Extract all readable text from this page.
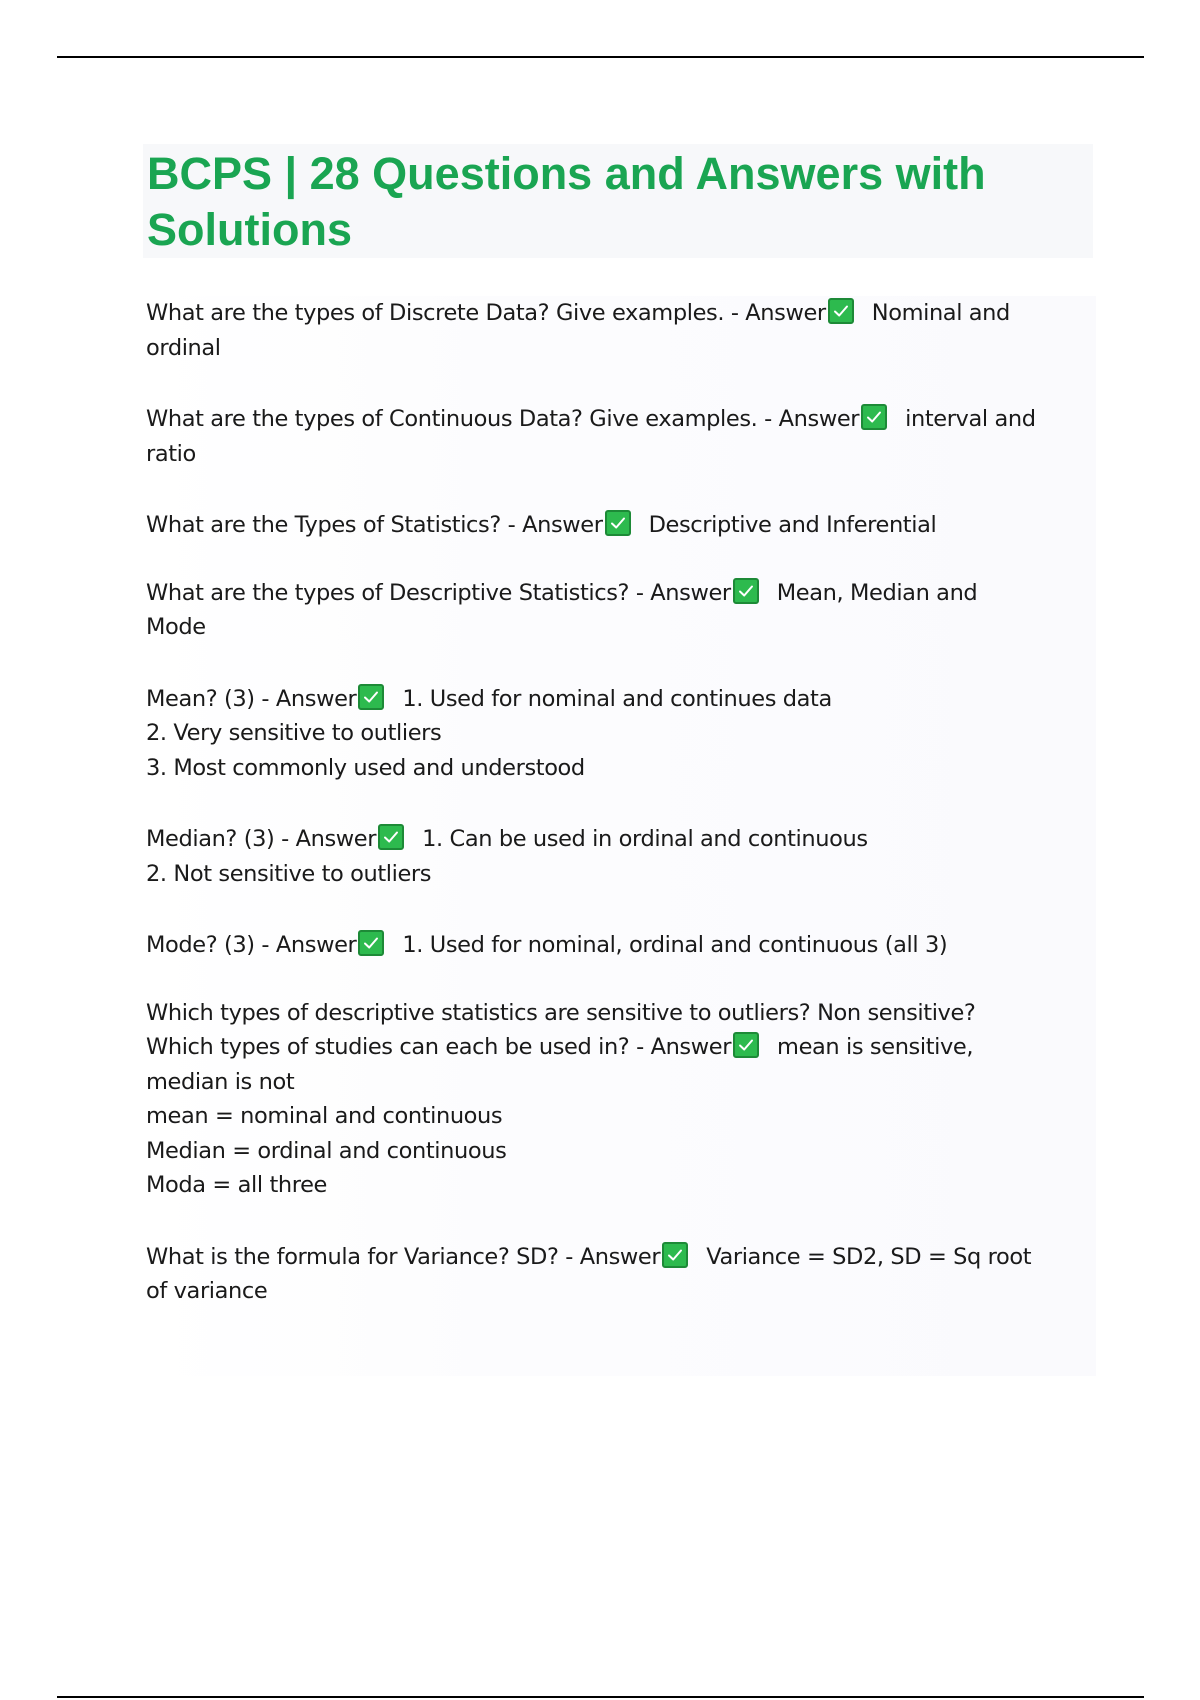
BCPS | 28 Questions and Answers with Solutions

What are the types of Discrete Data? Give examples. - Answer Nominal and
ordinal

What are the types of Continuous Data? Give examples. - Answer interval and
ratio

What are the Types of Statistics? - Answer Descriptive and Inferential

What are the types of Descriptive Statistics? - Answer Mean, Median and
Mode

Mean? (3) - Answer 1. Used for nominal and continues data
2. Very sensitive to outliers
3. Most commonly used and understood

Median? (3) - Answer 1. Can be used in ordinal and continuous
2. Not sensitive to outliers

Mode? (3) - Answer 1. Used for nominal, ordinal and continuous (all 3)

Which types of descriptive statistics are sensitive to outliers? Non sensitive?
Which types of studies can each be used in? - Answer mean is sensitive,
median is not
mean = nominal and continuous
Median = ordinal and continuous
Moda = all three

What is the formula for Variance? SD? - Answer Variance = SD2, SD = Sq root
of variance
